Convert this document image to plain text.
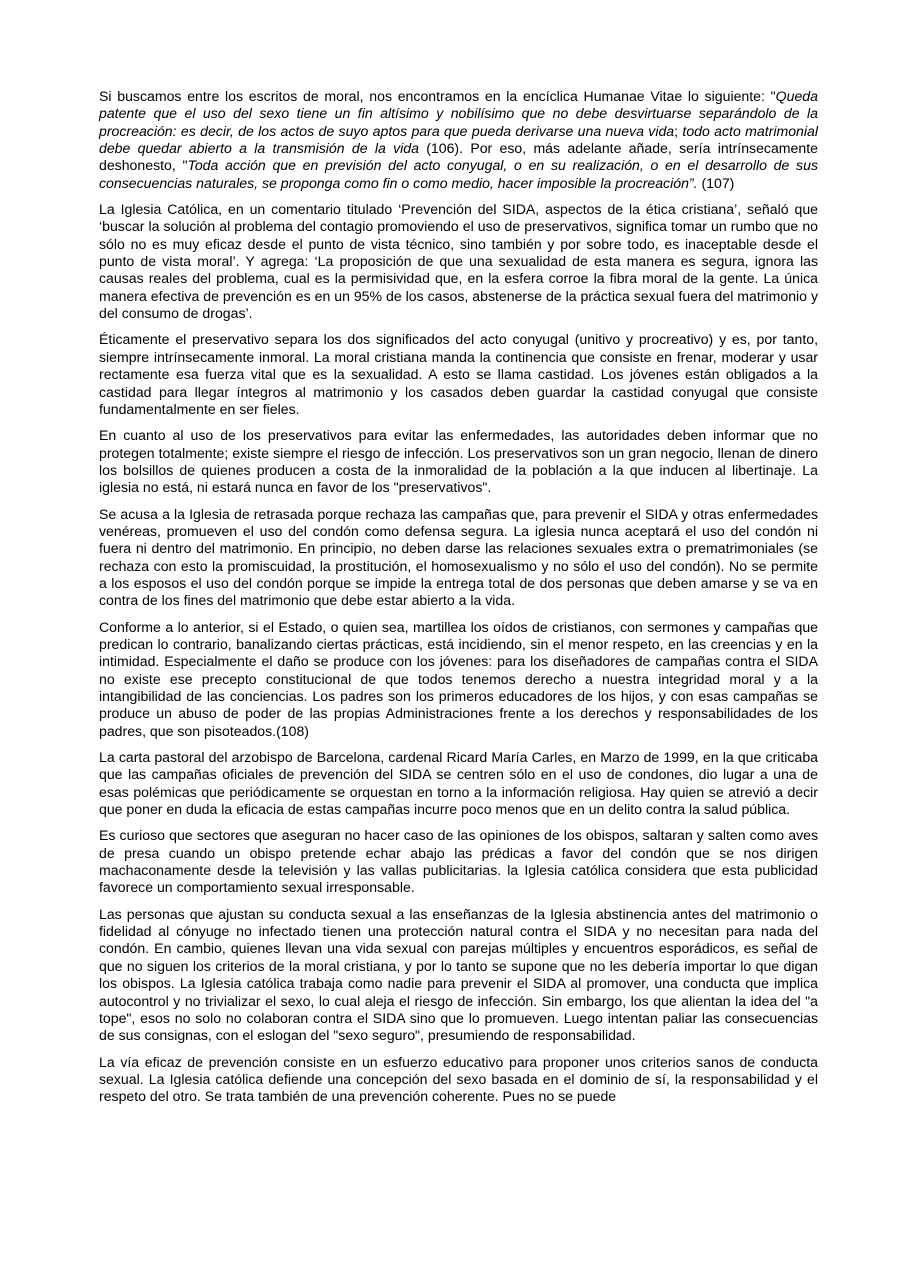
Si buscamos entre los escritos de moral, nos encontramos en la encíclica Humanae Vitae lo siguiente: "Queda patente que el uso del sexo tiene un fin altísimo y nobilísimo que no debe desvirtuarse separándolo de la procreación: es decir, de los actos de suyo aptos para que pueda derivarse una nueva vida; todo acto matrimonial debe quedar abierto a la transmisión de la vida (106). Por eso, más adelante añade, sería intrínsecamente deshonesto, "Toda acción que en previsión del acto conyugal, o en su realización, o en el desarrollo de sus consecuencias naturales, se proponga como fin o como medio, hacer imposible la procreación”. (107)

La Iglesia Católica, en un comentario titulado ‘Prevención del SIDA, aspectos de la ética cristiana’, señaló que ‘buscar la solución al problema del contagio promoviendo el uso de preservativos, significa tomar un rumbo que no sólo no es muy eficaz desde el punto de vista técnico, sino también y por sobre todo, es inaceptable desde el punto de vista moral’. Y agrega: ‘La proposición de que una sexualidad de esta manera es segura, ignora las causas reales del problema, cual es la permisividad que, en la esfera corroe la fibra moral de la gente. La única manera efectiva de prevención es en un 95% de los casos, abstenerse de la práctica sexual fuera del matrimonio y del consumo de drogas’.

Éticamente el preservativo separa los dos significados del acto conyugal (unitivo y procreativo) y es, por tanto, siempre intrínsecamente inmoral. La moral cristiana manda la continencia que consiste en frenar, moderar y usar rectamente esa fuerza vital que es la sexualidad. A esto se llama castidad. Los jóvenes están obligados a la castidad para llegar íntegros al matrimonio y los casados deben guardar la castidad conyugal que consiste fundamentalmente en ser fieles.

En cuanto al uso de los preservativos para evitar las enfermedades, las autoridades deben informar que no protegen totalmente; existe siempre el riesgo de infección. Los preservativos son un gran negocio, llenan de dinero los bolsillos de quienes producen a costa de la inmoralidad de la población a la que inducen al libertinaje. La iglesia no está, ni estará nunca en favor de los "preservativos".

Se acusa a la Iglesia de retrasada porque rechaza las campañas que, para prevenir el SIDA y otras enfermedades venéreas, promueven el uso del condón como defensa segura. La iglesia nunca aceptará el uso del condón ni fuera ni dentro del matrimonio. En principio, no deben darse las relaciones sexuales extra o prematrimoniales (se rechaza con esto la promiscuidad, la prostitución, el homosexualismo y no sólo el uso del condón). No se permite a los esposos el uso del condón porque se impide la entrega total de dos personas que deben amarse y se va en contra de los fines del matrimonio que debe estar abierto a la vida.

Conforme a lo anterior, si el Estado, o quien sea, martillea los oídos de cristianos, con sermones y campañas que predican lo contrario, banalizando ciertas prácticas, está incidiendo, sin el menor respeto, en las creencias y en la intimidad. Especialmente el daño se produce con los jóvenes: para los diseñadores de campañas contra el SIDA no existe ese precepto constitucional de que todos tenemos derecho a nuestra integridad moral y a la intangibilidad de las conciencias. Los padres son los primeros educadores de los hijos, y con esas campañas se produce un abuso de poder de las propias Administraciones frente a los derechos y responsabilidades de los padres, que son pisoteados.(108)

La carta pastoral del arzobispo de Barcelona, cardenal Ricard María Carles, en Marzo de 1999, en la que criticaba que las campañas oficiales de prevención del SIDA se centren sólo en el uso de condones, dio lugar a una de esas polémicas que periódicamente se orquestan en torno a la información religiosa. Hay quien se atrevió a decir que poner en duda la eficacia de estas campañas incurre poco menos que en un delito contra la salud pública.

Es curioso que sectores que aseguran no hacer caso de las opiniones de los obispos, saltaran y salten como aves de presa cuando un obispo pretende echar abajo las prédicas a favor del condón que se nos dirigen machaconamente desde la televisión y las vallas publicitarias. la Iglesia católica considera que esta publicidad favorece un comportamiento sexual irresponsable.

Las personas que ajustan su conducta sexual a las enseñanzas de la Iglesia abstinencia antes del matrimonio o fidelidad al cónyuge no infectado tienen una protección natural contra el SIDA y no necesitan para nada del condón. En cambio, quienes llevan una vida sexual con parejas múltiples y encuentros esporádicos, es señal de que no siguen los criterios de la moral cristiana, y por lo tanto se supone que no les debería importar lo que digan los obispos. La Iglesia católica trabaja como nadie para prevenir el SIDA al promover, una conducta que implica autocontrol y no trivializar el sexo, lo cual aleja el riesgo de infección. Sin embargo, los que alientan la idea del "a tope", esos no solo no colaboran contra el SIDA sino que lo promueven. Luego intentan paliar las consecuencias de sus consignas, con el eslogan del "sexo seguro", presumiendo de responsabilidad.

La vía eficaz de prevención consiste en un esfuerzo educativo para proponer unos criterios sanos de conducta sexual. La Iglesia católica defiende una concepción del sexo basada en el dominio de sí, la responsabilidad y el respeto del otro. Se trata también de una prevención coherente. Pues no se puede
